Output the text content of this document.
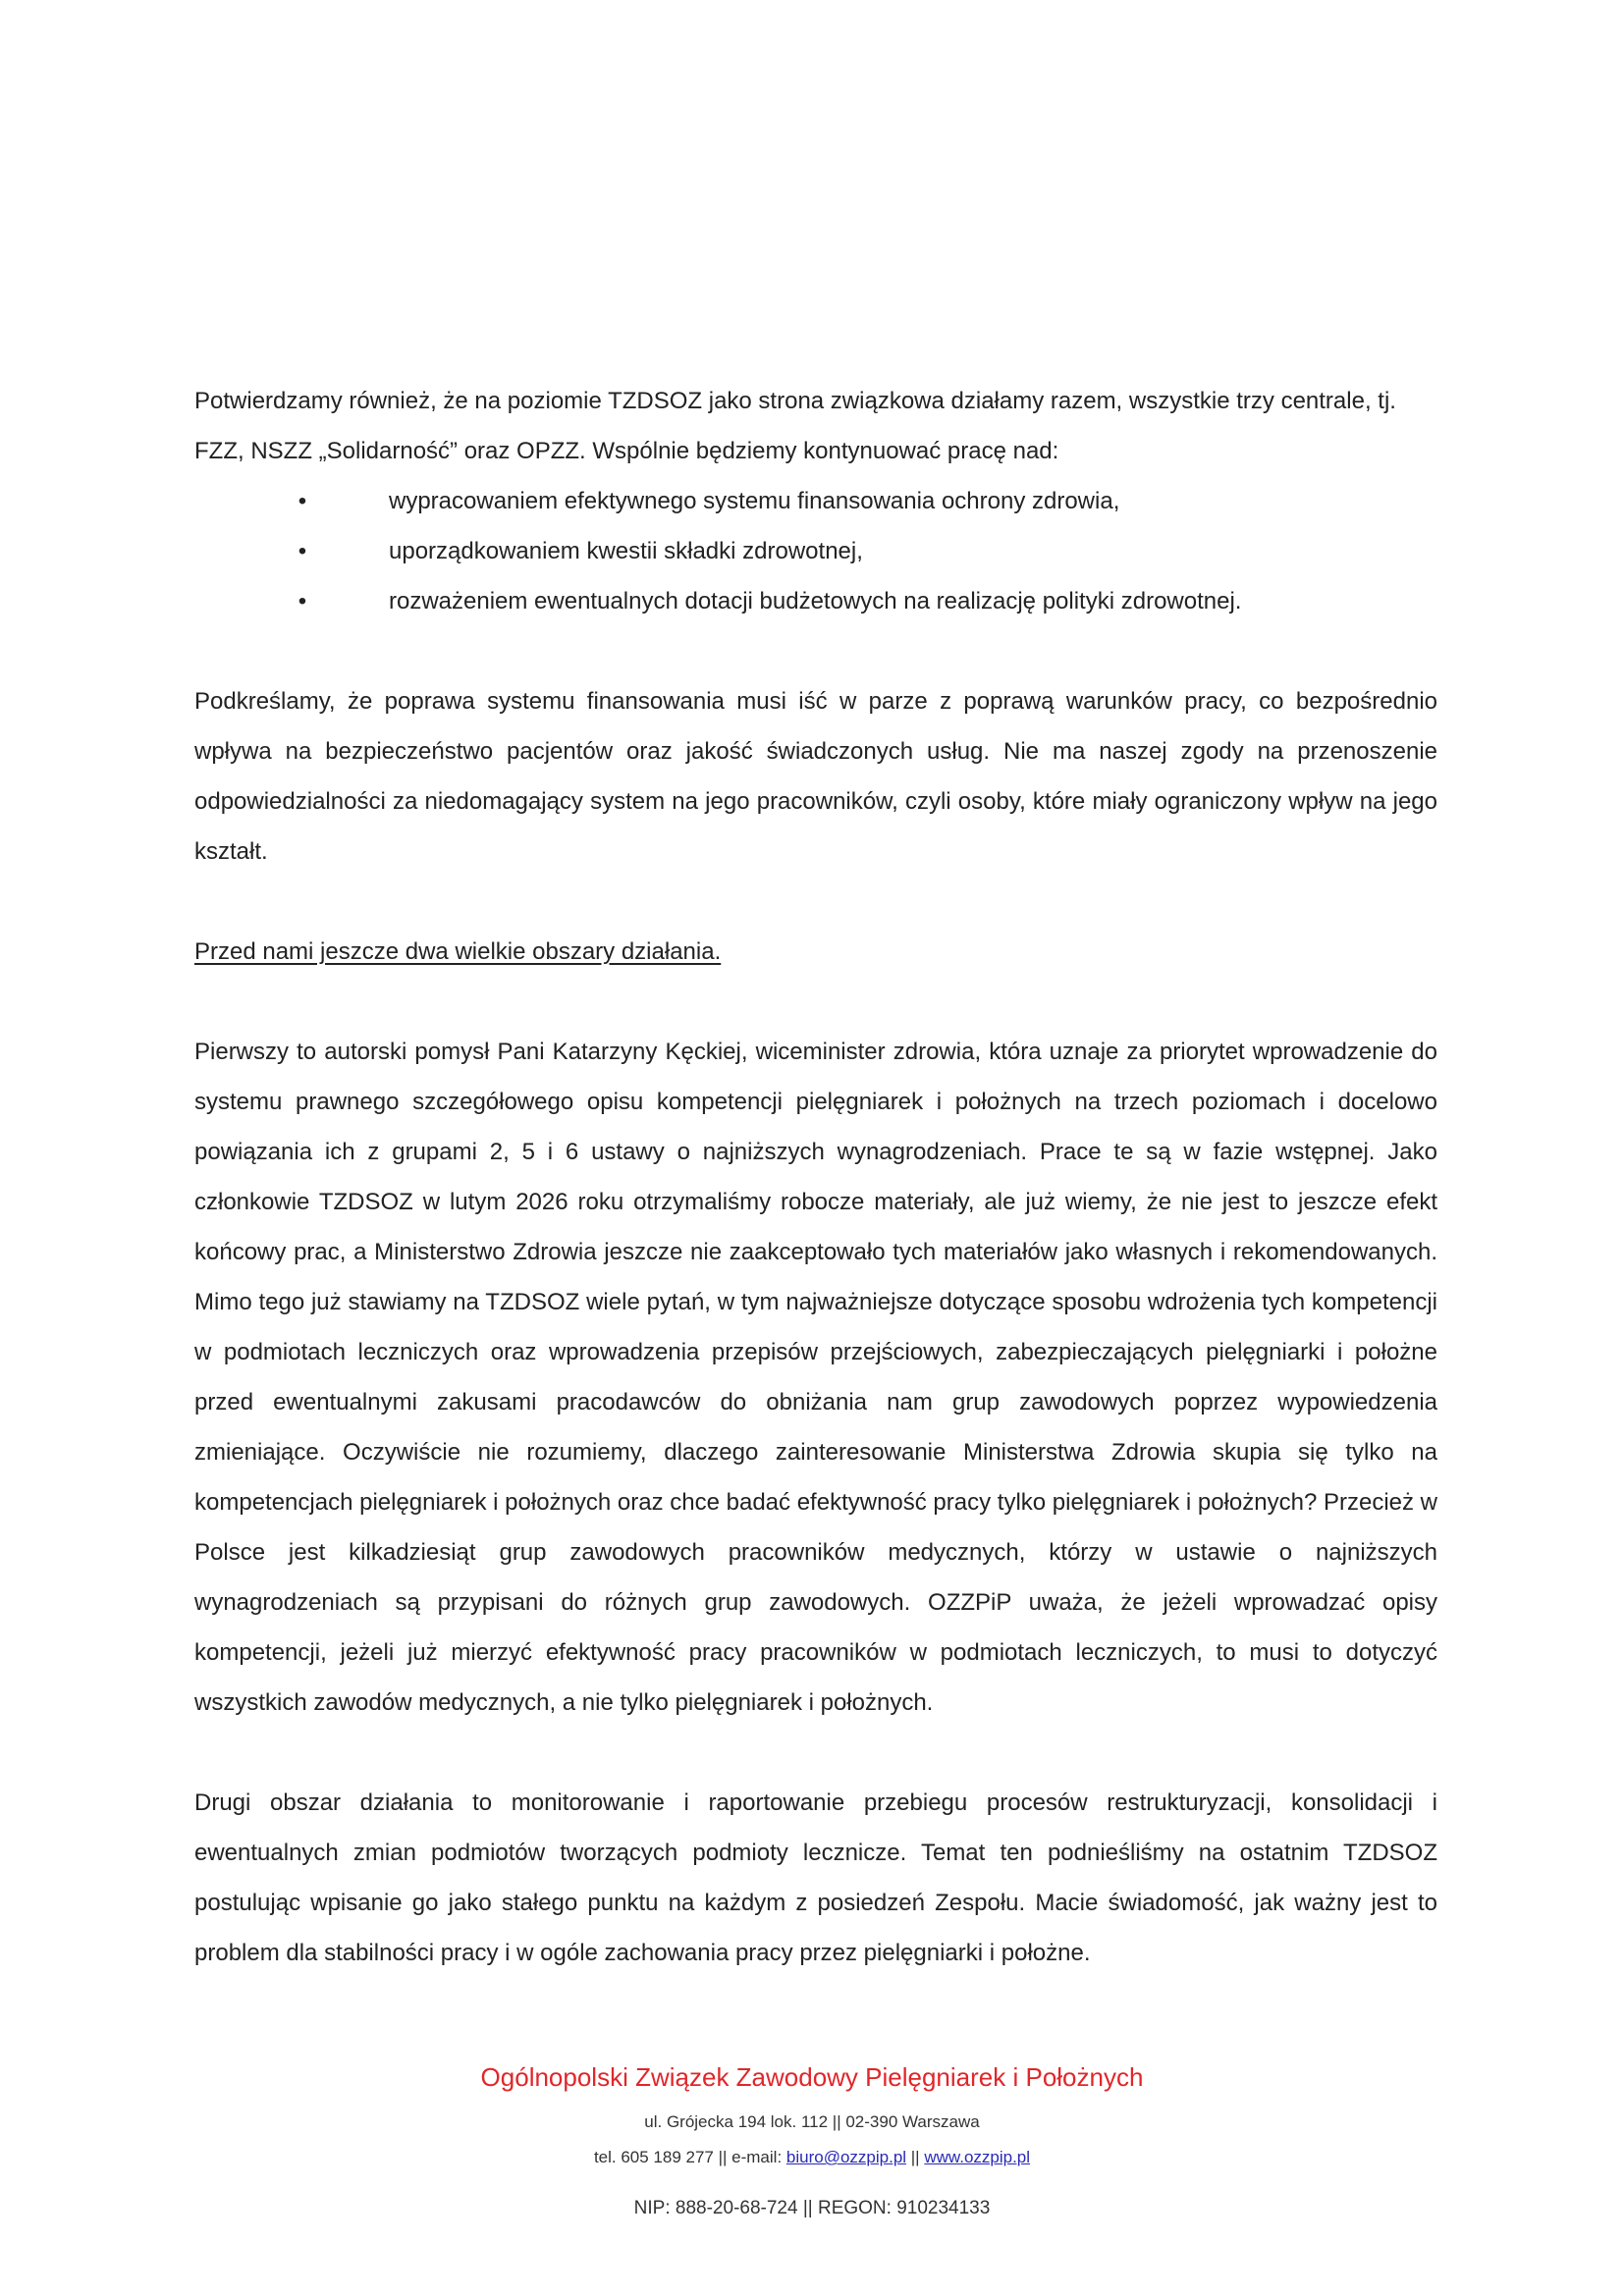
Potwierdzamy również, że na poziomie TZDSOZ jako strona związkowa działamy razem, wszystkie trzy centrale, tj.

FZZ, NSZZ „Solidarność” oraz OPZZ. Wspólnie będziemy kontynuować pracę nad:

•	wypracowaniem efektywnego systemu finansowania ochrony zdrowia,
•	uporządkowaniem kwestii składki zdrowotnej,
•	rozważeniem ewentualnych dotacji budżetowych na realizację polityki zdrowotnej.

Podkreślamy, że poprawa systemu finansowania musi iść w parze z poprawą warunków pracy, co bezpośrednio wpływa na bezpieczeństwo pacjentów oraz jakość świadczonych usług. Nie ma naszej zgody na przenoszenie odpowiedzialności za niedomagający system na jego pracowników, czyli osoby, które miały ograniczony wpływ na jego kształt.

Przed nami jeszcze dwa wielkie obszary działania.

Pierwszy to autorski pomysł Pani Katarzyny Kęckiej, wiceminister zdrowia, która uznaje za priorytet wprowadzenie do systemu prawnego szczegółowego opisu kompetencji pielęgniarek i położnych na trzech poziomach i docelowo powiązania ich z grupami 2, 5 i 6 ustawy o najniższych wynagrodzeniach. Prace te są w fazie wstępnej. Jako członkowie TZDSOZ w lutym 2026 roku otrzymaliśmy robocze materiały, ale już wiemy, że nie jest to jeszcze efekt końcowy prac, a Ministerstwo Zdrowia jeszcze nie zaakceptowało tych materiałów jako własnych i rekomendowanych. Mimo tego już stawiamy na TZDSOZ wiele pytań, w tym najważniejsze dotyczące sposobu wdrożenia tych kompetencji w podmiotach leczniczych oraz wprowadzenia przepisów przejściowych, zabezpieczających pielęgniarki i położne przed ewentualnymi zakusami pracodawców do obniżania nam grup zawodowych poprzez wypowiedzenia zmieniające. Oczywiście nie rozumiemy, dlaczego zainteresowanie Ministerstwa Zdrowia skupia się tylko na kompetencjach pielęgniarek i położnych oraz chce badać efektywność pracy tylko pielęgniarek i położnych? Przecież w Polsce jest kilkadziesiąt grup zawodowych pracowników medycznych, którzy w ustawie o najniższych wynagrodzeniach są przypisani do różnych grup zawodowych. OZZPiP uważa, że jeżeli wprowadzać opisy kompetencji, jeżeli już mierzyć efektywność pracy pracowników w podmiotach leczniczych, to musi to dotyczyć wszystkich zawodów medycznych, a nie tylko pielęgniarek i położnych.

Drugi obszar działania to monitorowanie i raportowanie przebiegu procesów restrukturyzacji, konsolidacji i ewentualnych zmian podmiotów tworzących podmioty lecznicze. Temat ten podnieśliśmy na ostatnim TZDSOZ postulując wpisanie go jako stałego punktu na każdym z posiedzeń Zespołu. Macie świadomość, jak ważny jest to problem dla stabilności pracy i w ogóle zachowania pracy przez pielęgniarki i położne.

Ogólnopolski Związek Zawodowy Pielęgniarek i Położnych
ul. Grójecka 194 lok. 112 || 02-390 Warszawa
tel. 605 189 277 || e-mail: biuro@ozzpip.pl || www.ozzpip.pl
NIP: 888-20-68-724 || REGON: 910234133
